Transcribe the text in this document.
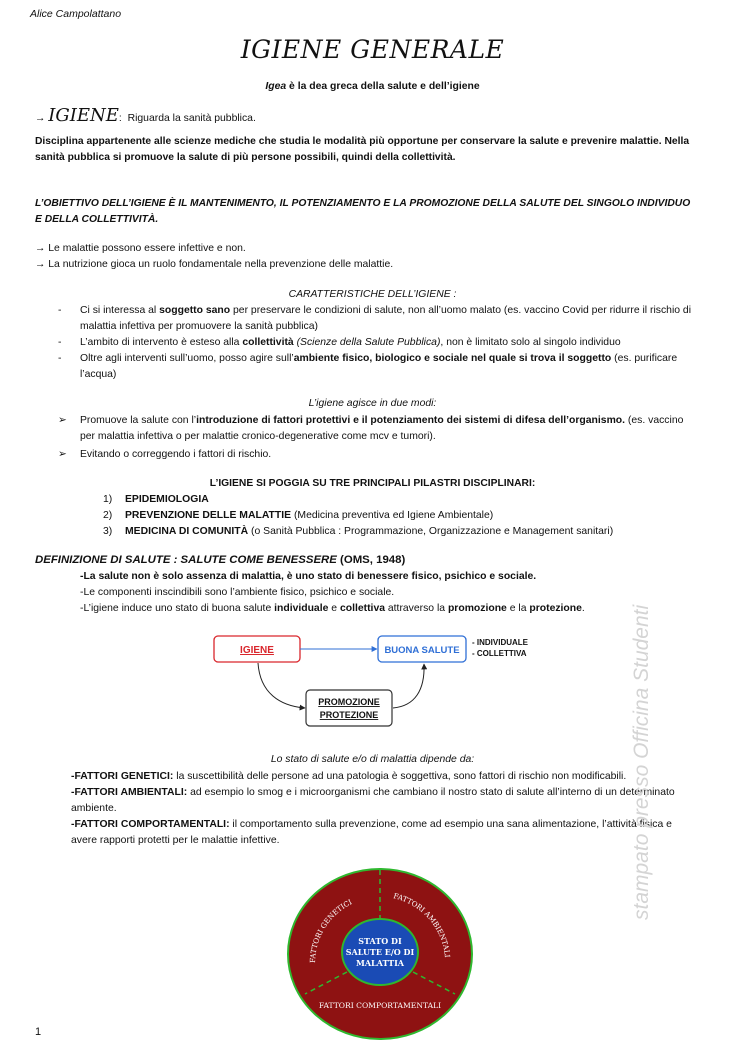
Alice Campolattano
IGIENE GENERALE
Igea è la dea greca della salute e dell’igiene
→ IGIENE: Riguarda la sanità pubblica.
Disciplina appartenente alle scienze mediche che studia le modalità più opportune per conservare la salute e prevenire malattie. Nella sanità pubblica si promuove la salute di più persone possibili, quindi della collettività.
L’OBIETTIVO DELL’IGIENE È IL MANTENIMENTO, IL POTENZIAMENTO E LA PROMOZIONE DELLA SALUTE DEL SINGOLO INDIVIDUO E DELLA COLLETTIVITÀ.
→ Le malattie possono essere infettive e non.
→ La nutrizione gioca un ruolo fondamentale nella prevenzione delle malattie.
CARATTERISTICHE DELL’IGIENE :
- Ci si interessa al soggetto sano per preservare le condizioni di salute, non all’uomo malato (es. vaccino Covid per ridurre il rischio di malattia infettiva per promuovere la sanità pubblica)
- L’ambito di intervento è esteso alla collettività (Scienze della Salute Pubblica), non è limitato solo al singolo individuo
- Oltre agli interventi sull’uomo, posso agire sull’ambiente fisico, biologico e sociale nel quale si trova il soggetto (es. purificare l’acqua)
L’igiene agisce in due modi:
➢ Promuove la salute con l’introduzione di fattori protettivi e il potenziamento dei sistemi di difesa dell’organismo. (es. vaccino per malattia infettiva o per malattie cronico-degenerative come mcv e tumori).
➢ Evitando o correggendo i fattori di rischio.
L’IGIENE SI POGGIA SU TRE PRINCIPALI PILASTRI DISCIPLINARI:
1) EPIDEMIOLOGIA
2) PREVENZIONE DELLE MALATTIE (Medicina preventiva ed Igiene Ambientale)
3) MEDICINA DI COMUNITÀ (o Sanità Pubblica : Programmazione, Organizzazione e Management sanitari)
DEFINIZIONE DI SALUTE : SALUTE COME BENESSERE (OMS, 1948)
-La salute non è solo assenza di malattia, è uno stato di benessere fisico, psichico e sociale.
-Le componenti inscindibili sono l’ambiente fisico, psichico e sociale.
-L’igiene induce uno stato di buona salute individuale e collettiva attraverso la promozione e la protezione.
IGIENE	BUONA SALUTE
- INDIVIDUALE
- COLLETTIVA
PROMOZIONE
PROTEZIONE
Lo stato di salute e/o di malattia dipende da:
-FATTORI GENETICI: la suscettibilità delle persone ad una patologia è soggettiva, sono fattori di rischio non modificabili.
-FATTORI AMBIENTALI: ad esempio lo smog e i microorganismi che cambiano il nostro stato di salute all’interno di un determinato ambiente.
-FATTORI COMPORTAMENTALI: il comportamento sulla prevenzione, come ad esempio una sana alimentazione, l’attività fisica e avere rapporti protetti per le malattie infettive.
STATO DI
SALUTE E/O DI
MALATTIA
FATTORI GENETICI
FATTORI AMBIENTALI
FATTORI COMPORTAMENTALI
stampato presso Officina Studenti
1
